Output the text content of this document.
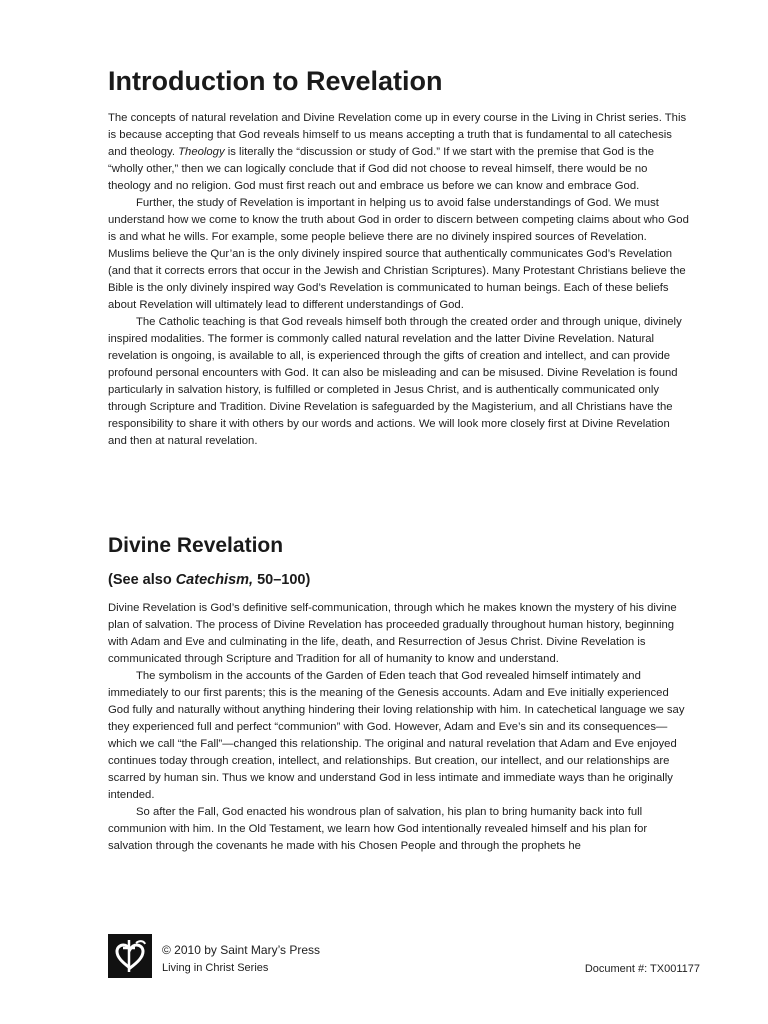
Introduction to Revelation

The concepts of natural revelation and Divine Revelation come up in every course in the Living in Christ series. This is because accepting that God reveals himself to us means accepting a truth that is fundamental to all catechesis and theology. Theology is literally the “discussion or study of God.” If we start with the premise that God is the “wholly other,” then we can logically conclude that if God did not choose to reveal himself, there would be no theology and no religion. God must first reach out and embrace us before we can know and embrace God.

Further, the study of Revelation is important in helping us to avoid false understandings of God. We must understand how we come to know the truth about God in order to discern between competing claims about who God is and what he wills. For example, some people believe there are no divinely inspired sources of Revelation. Muslims believe the Qur’an is the only divinely inspired source that authentically communicates God’s Revelation (and that it corrects errors that occur in the Jewish and Christian Scriptures). Many Protestant Christians believe the Bible is the only divinely inspired way God’s Revelation is communicated to human beings. Each of these beliefs about Revelation will ultimately lead to different understandings of God.

The Catholic teaching is that God reveals himself both through the created order and through unique, divinely inspired modalities. The former is commonly called natural revelation and the latter Divine Revelation. Natural revelation is ongoing, is available to all, is experienced through the gifts of creation and intellect, and can provide profound personal encounters with God. It can also be misleading and can be misused. Divine Revelation is found particularly in salvation history, is fulfilled or completed in Jesus Christ, and is authentically communicated only through Scripture and Tradition. Divine Revelation is safeguarded by the Magisterium, and all Christians have the responsibility to share it with others by our words and actions. We will look more closely first at Divine Revelation and then at natural revelation.

Divine Revelation
(See also Catechism, 50–100)

Divine Revelation is God’s definitive self-communication, through which he makes known the mystery of his divine plan of salvation. The process of Divine Revelation has proceeded gradually throughout human history, beginning with Adam and Eve and culminating in the life, death, and Resurrection of Jesus Christ. Divine Revelation is communicated through Scripture and Tradition for all of humanity to know and understand.

The symbolism in the accounts of the Garden of Eden teach that God revealed himself intimately and immediately to our first parents; this is the meaning of the Genesis accounts. Adam and Eve initially experienced God fully and naturally without anything hindering their loving relationship with him. In catechetical language we say they experienced full and perfect “communion” with God. However, Adam and Eve’s sin and its consequences—which we call “the Fall”—changed this relationship. The original and natural revelation that Adam and Eve enjoyed continues today through creation, intellect, and relationships. But creation, our intellect, and our relationships are scarred by human sin. Thus we know and understand God in less intimate and immediate ways than he originally intended.

So after the Fall, God enacted his wondrous plan of salvation, his plan to bring humanity back into full communion with him. In the Old Testament, we learn how God intentionally revealed himself and his plan for salvation through the covenants he made with his Chosen People and through the prophets he

© 2010 by Saint Mary’s Press
Living in Christ Series	Document #: TX001177
